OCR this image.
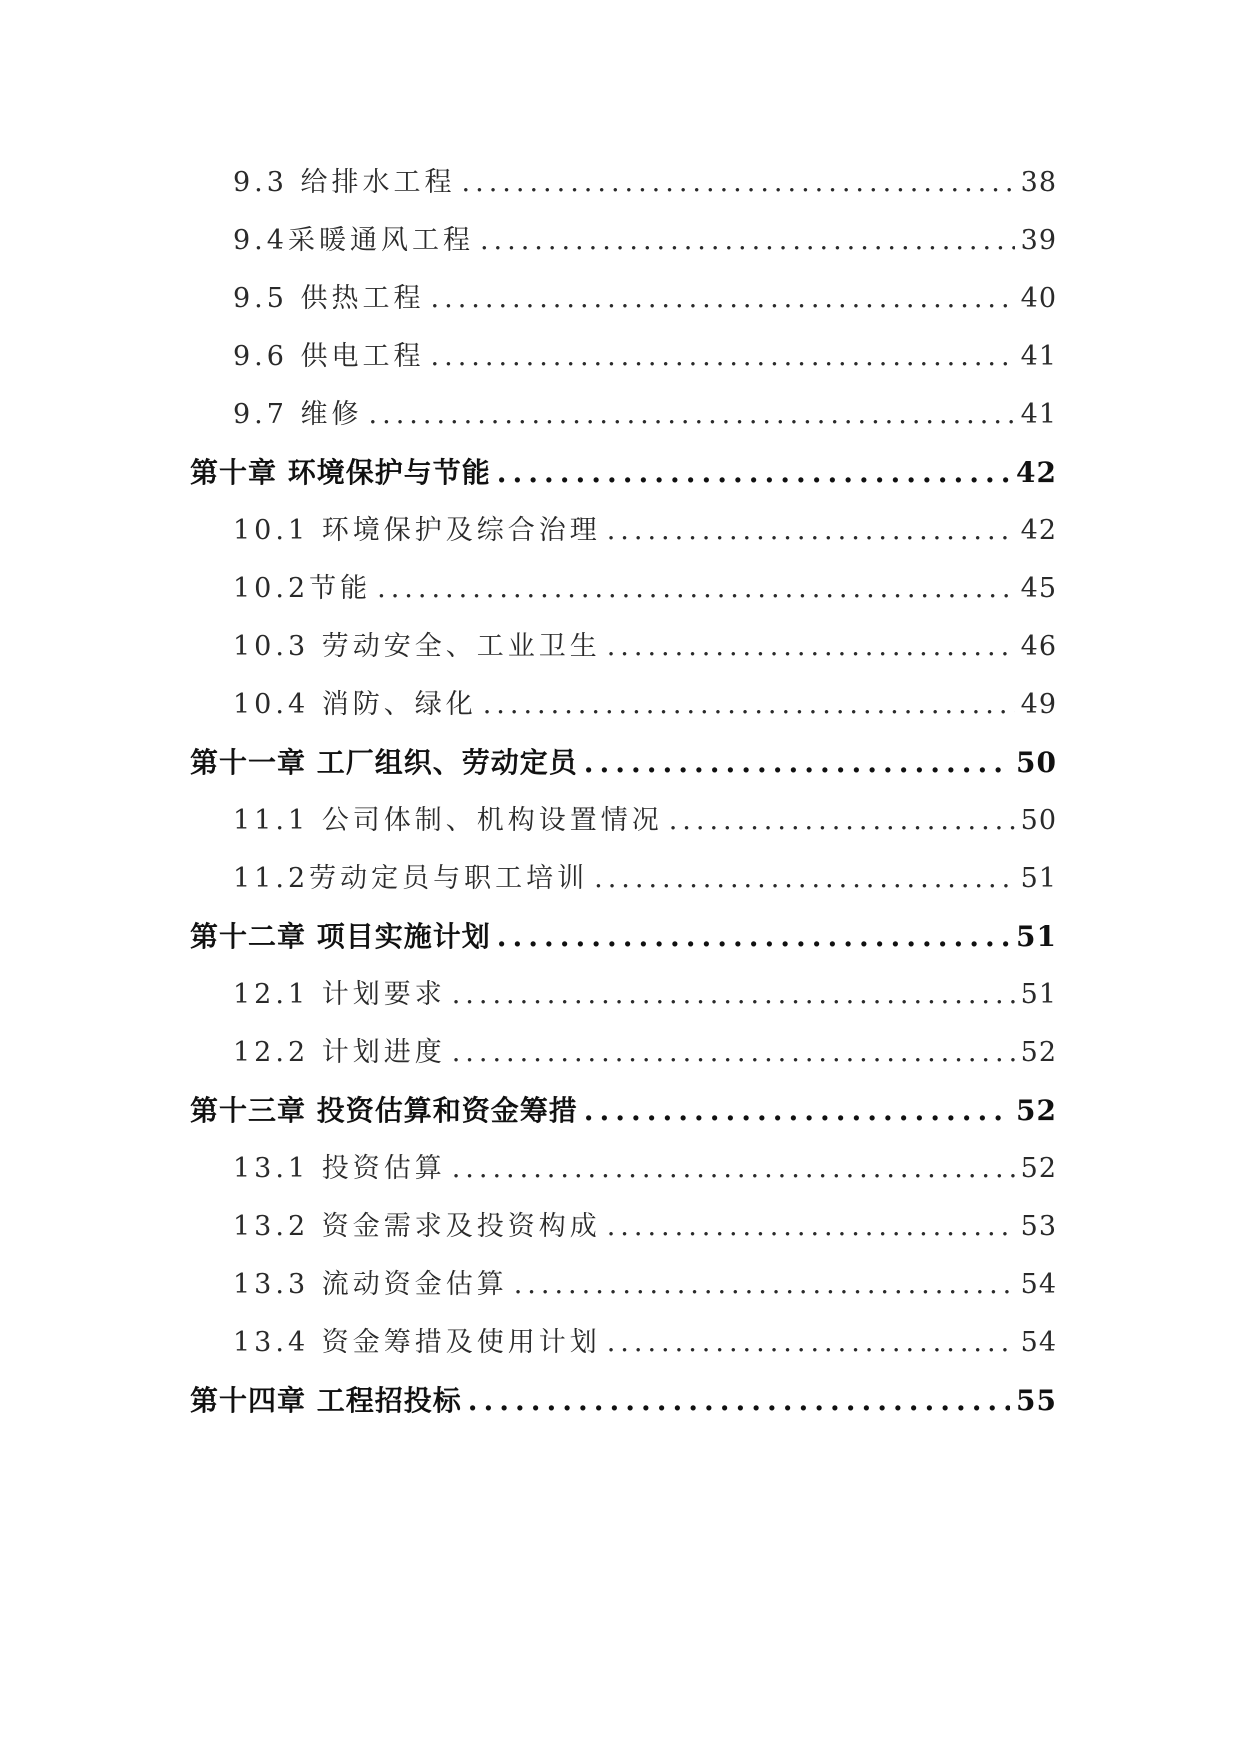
9.3 给排水工程 .....	38
9.4采暖通风工程 .....	39
9.5 供热工程 .....	40
9.6 供电工程 .....	41
9.7 维修 .....	41
第十章 环境保护与节能 .....	42
10.1 环境保护及综合治理 .....	42
10.2节能 .....	45
10.3 劳动安全、工业卫生 .....	46
10.4 消防、绿化 .....	49
第十一章 工厂组织、劳动定员 .....	50
11.1 公司体制、机构设置情况 .....	50
11.2劳动定员与职工培训 .....	51
第十二章 项目实施计划 .....	51
12.1 计划要求 .....	51
12.2 计划进度 .....	52
第十三章 投资估算和资金筹措 .....	52
13.1 投资估算 .....	52
13.2 资金需求及投资构成 .....	53
13.3 流动资金估算 .....	54
13.4 资金筹措及使用计划 .....	54
第十四章 工程招投标 .....	55
